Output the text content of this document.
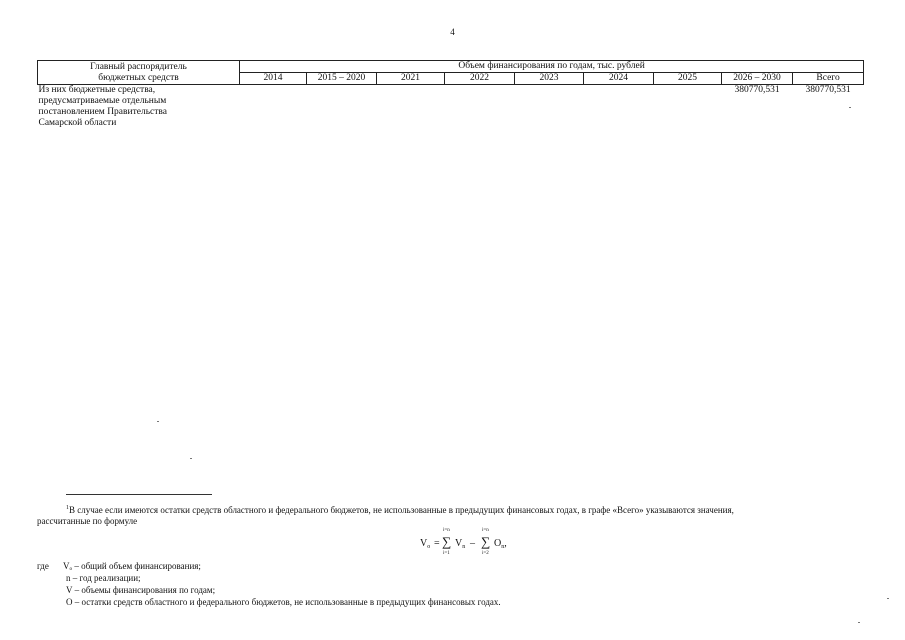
4
Главный распорядитель
бюджетных средств	Объем финансирования по годам, тыс. рублей								
	2014	2015 – 2020	2021	2022	2023	2024	2025	2026 – 2030	Всего

Из них бюджетные средства,
предусматриваемые отдельным
постановлением Правительства
Самарской области								380770,531	380770,531
$^1$В случае если имеются остатки средств областного и федерального бюджетов, не использованные в предыдущих финансовых годах, в графе «Всего» указываются значения,
рассчитанные по формуле
$V_o$ =
i=n
∑
i=1
$V_n$ –
i=n
∑
i=2
$O_n$,
где Vₒ – общий объем финансирования;
n – год реализации;
V – объемы финансирования по годам;
O – остатки средств областного и федерального бюджетов, не использованные в предыдущих финансовых годах.
